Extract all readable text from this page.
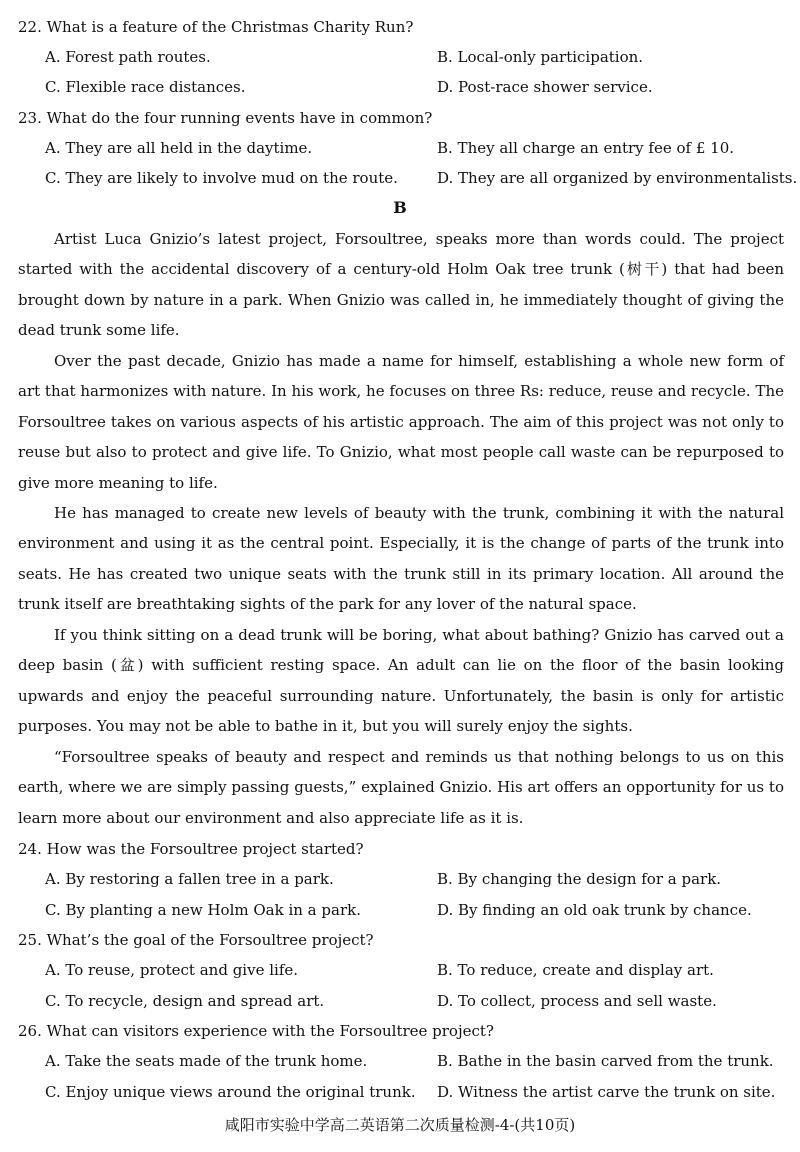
22. What is a feature of the Christmas Charity Run?
A. Forest path routes.	B. Local-only participation.
C. Flexible race distances.	D. Post-race shower service.
23. What do the four running events have in common?
A. They are all held in the daytime.	B. They all charge an entry fee of £ 10.
C. They are likely to involve mud on the route.	D. They are all organized by environmentalists.
B
Artist Luca Gnizio’s latest project, Forsoultree, speaks more than words could. The project started with the accidental discovery of a century-old Holm Oak tree trunk (树干) that had been brought down by nature in a park. When Gnizio was called in, he immediately thought of giving the dead trunk some life.
Over the past decade, Gnizio has made a name for himself, establishing a whole new form of art that harmonizes with nature. In his work, he focuses on three Rs: reduce, reuse and recycle. The Forsoultree takes on various aspects of his artistic approach. The aim of this project was not only to reuse but also to protect and give life. To Gnizio, what most people call waste can be repurposed to give more meaning to life.
He has managed to create new levels of beauty with the trunk, combining it with the natural environment and using it as the central point. Especially, it is the change of parts of the trunk into seats. He has created two unique seats with the trunk still in its primary location. All around the trunk itself are breathtaking sights of the park for any lover of the natural space.
If you think sitting on a dead trunk will be boring, what about bathing? Gnizio has carved out a deep basin (盆) with sufficient resting space. An adult can lie on the floor of the basin looking upwards and enjoy the peaceful surrounding nature. Unfortunately, the basin is only for artistic purposes. You may not be able to bathe in it, but you will surely enjoy the sights.
“Forsoultree speaks of beauty and respect and reminds us that nothing belongs to us on this earth, where we are simply passing guests,” explained Gnizio. His art offers an opportunity for us to learn more about our environment and also appreciate life as it is.
24. How was the Forsoultree project started?
A. By restoring a fallen tree in a park.	B. By changing the design for a park.
C. By planting a new Holm Oak in a park.	D. By finding an old oak trunk by chance.
25. What’s the goal of the Forsoultree project?
A. To reuse, protect and give life.	B. To reduce, create and display art.
C. To recycle, design and spread art.	D. To collect, process and sell waste.
26. What can visitors experience with the Forsoultree project?
A. Take the seats made of the trunk home.	B. Bathe in the basin carved from the trunk.
C. Enjoy unique views around the original trunk. D. Witness the artist carve the trunk on site.
咸阳市实验中学高二英语第二次质量检测-4-(共10页)
